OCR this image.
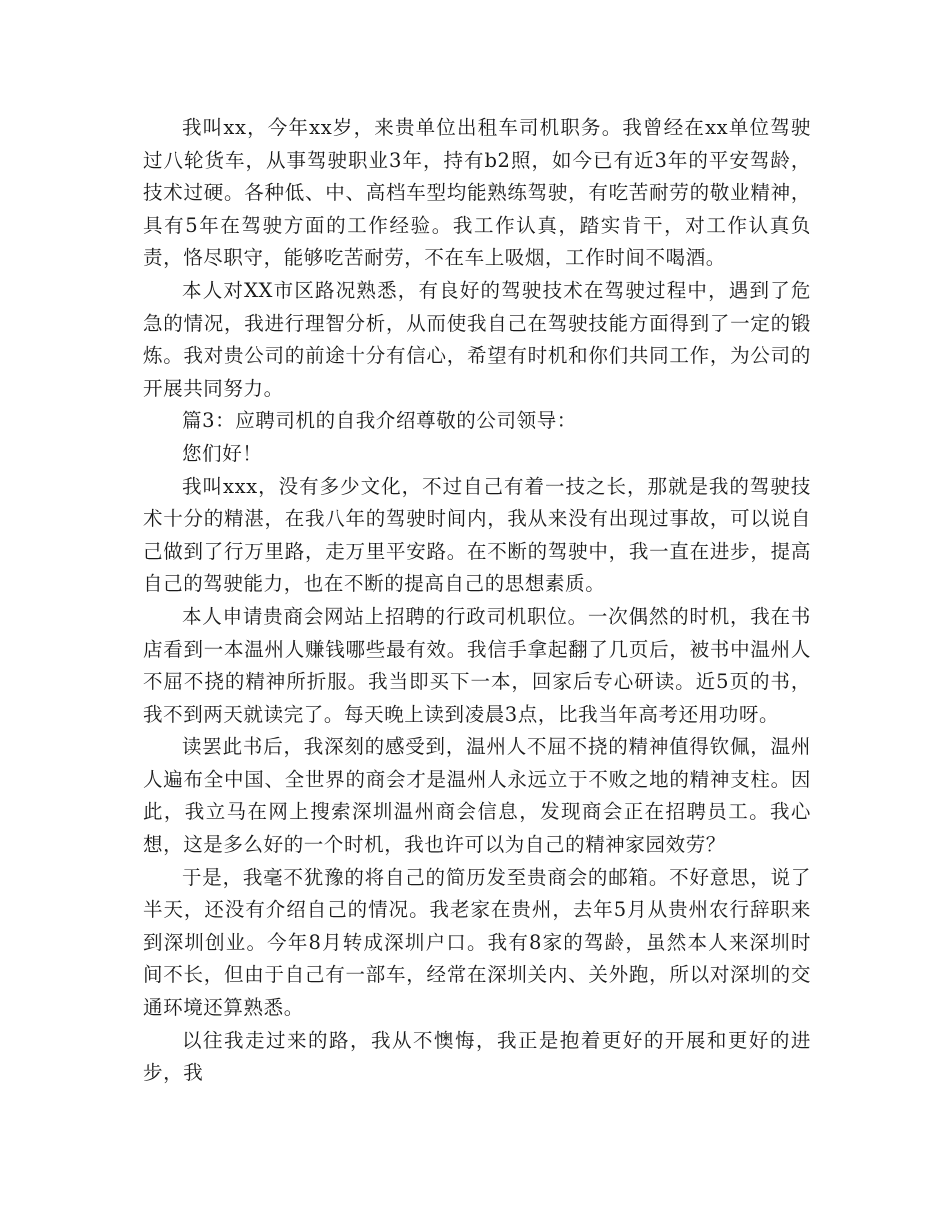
我叫xx，今年xx岁，来贵单位出租车司机职务。我曾经在xx单位驾驶过八轮货车，从事驾驶职业3年，持有b2照，如今已有近3年的平安驾龄，技术过硬。各种低、中、高档车型均能熟练驾驶，有吃苦耐劳的敬业精神，具有5年在驾驶方面的工作经验。我工作认真，踏实肯干，对工作认真负责，恪尽职守，能够吃苦耐劳，不在车上吸烟，工作时间不喝酒。

本人对XX市区路况熟悉，有良好的驾驶技术在驾驶过程中，遇到了危急的情况，我进行理智分析，从而使我自己在驾驶技能方面得到了一定的锻炼。我对贵公司的前途十分有信心，希望有时机和你们共同工作，为公司的开展共同努力。

篇3：应聘司机的自我介绍尊敬的公司领导：

您们好！

我叫xxx，没有多少文化，不过自己有着一技之长，那就是我的驾驶技术十分的精湛，在我八年的驾驶时间内，我从来没有出现过事故，可以说自己做到了行万里路，走万里平安路。在不断的驾驶中，我一直在进步，提高自己的驾驶能力，也在不断的提高自己的思想素质。

本人申请贵商会网站上招聘的行政司机职位。一次偶然的时机，我在书店看到一本温州人赚钱哪些最有效。我信手拿起翻了几页后，被书中温州人不屈不挠的精神所折服。我当即买下一本，回家后专心研读。近5页的书，我不到两天就读完了。每天晚上读到凌晨3点，比我当年高考还用功呀。

读罢此书后，我深刻的感受到，温州人不屈不挠的精神值得钦佩，温州人遍布全中国、全世界的商会才是温州人永远立于不败之地的精神支柱。因此，我立马在网上搜索深圳温州商会信息，发现商会正在招聘员工。我心想，这是多么好的一个时机，我也许可以为自己的精神家园效劳？

于是，我毫不犹豫的将自己的简历发至贵商会的邮箱。不好意思，说了半天，还没有介绍自己的情况。我老家在贵州，去年5月从贵州农行辞职来到深圳创业。今年8月转成深圳户口。我有8家的驾龄，虽然本人来深圳时间不长，但由于自己有一部车，经常在深圳关内、关外跑，所以对深圳的交通环境还算熟悉。

以往我走过来的路，我从不懊悔，我正是抱着更好的开展和更好的进步，我
